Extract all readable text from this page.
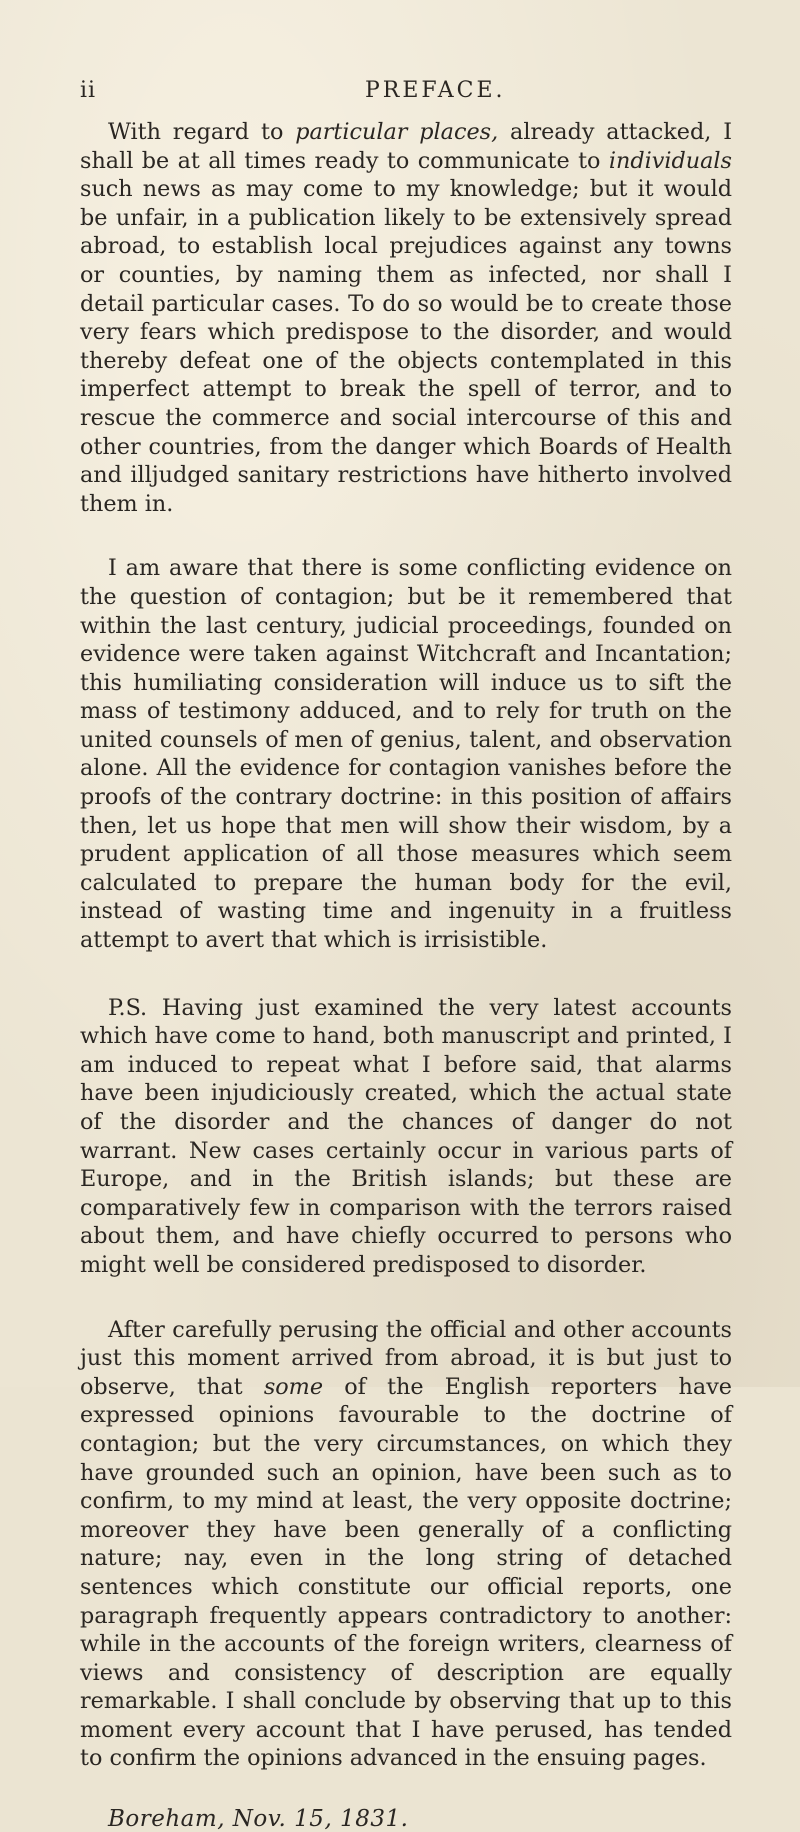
ii	PREFACE.

With regard to particular places, already attacked, I shall be at all times ready to communicate to individuals such news as may come to my knowledge; but it would be unfair, in a publication likely to be extensively spread abroad, to establish local prejudices against any towns or counties, by naming them as infected, nor shall I detail particular cases. To do so would be to create those very fears which predispose to the disorder, and would thereby defeat one of the objects contemplated in this imperfect attempt to break the spell of terror, and to rescue the commerce and social intercourse of this and other countries, from the danger which Boards of Health and illjudged sanitary restrictions have hitherto involved them in.

I am aware that there is some conflicting evidence on the question of contagion; but be it remembered that within the last century, judicial proceedings, founded on evidence were taken against Witchcraft and Incantation; this humiliating consideration will induce us to sift the mass of testimony adduced, and to rely for truth on the united counsels of men of genius, talent, and observation alone. All the evidence for contagion vanishes before the proofs of the contrary doctrine: in this position of affairs then, let us hope that men will show their wisdom, by a prudent application of all those measures which seem calculated to prepare the human body for the evil, instead of wasting time and ingenuity in a fruitless attempt to avert that which is irrisistible.

P.S. Having just examined the very latest accounts which have come to hand, both manuscript and printed, I am induced to repeat what I before said, that alarms have been injudiciously created, which the actual state of the disorder and the chances of danger do not warrant. New cases certainly occur in various parts of Europe, and in the British islands; but these are comparatively few in comparison with the terrors raised about them, and have chiefly occurred to persons who might well be considered predisposed to disorder.

After carefully perusing the official and other accounts just this moment arrived from abroad, it is but just to observe, that some of the English reporters have expressed opinions favourable to the doctrine of contagion; but the very circumstances, on which they have grounded such an opinion, have been such as to confirm, to my mind at least, the very opposite doctrine; moreover they have been generally of a conflicting nature; nay, even in the long string of detached sentences which constitute our official reports, one paragraph frequently appears contradictory to another: while in the accounts of the foreign writers, clearness of views and consistency of description are equally remarkable. I shall conclude by observing that up to this moment every account that I have perused, has tended to confirm the opinions advanced in the ensuing pages.

Boreham, Nov. 15, 1831.
